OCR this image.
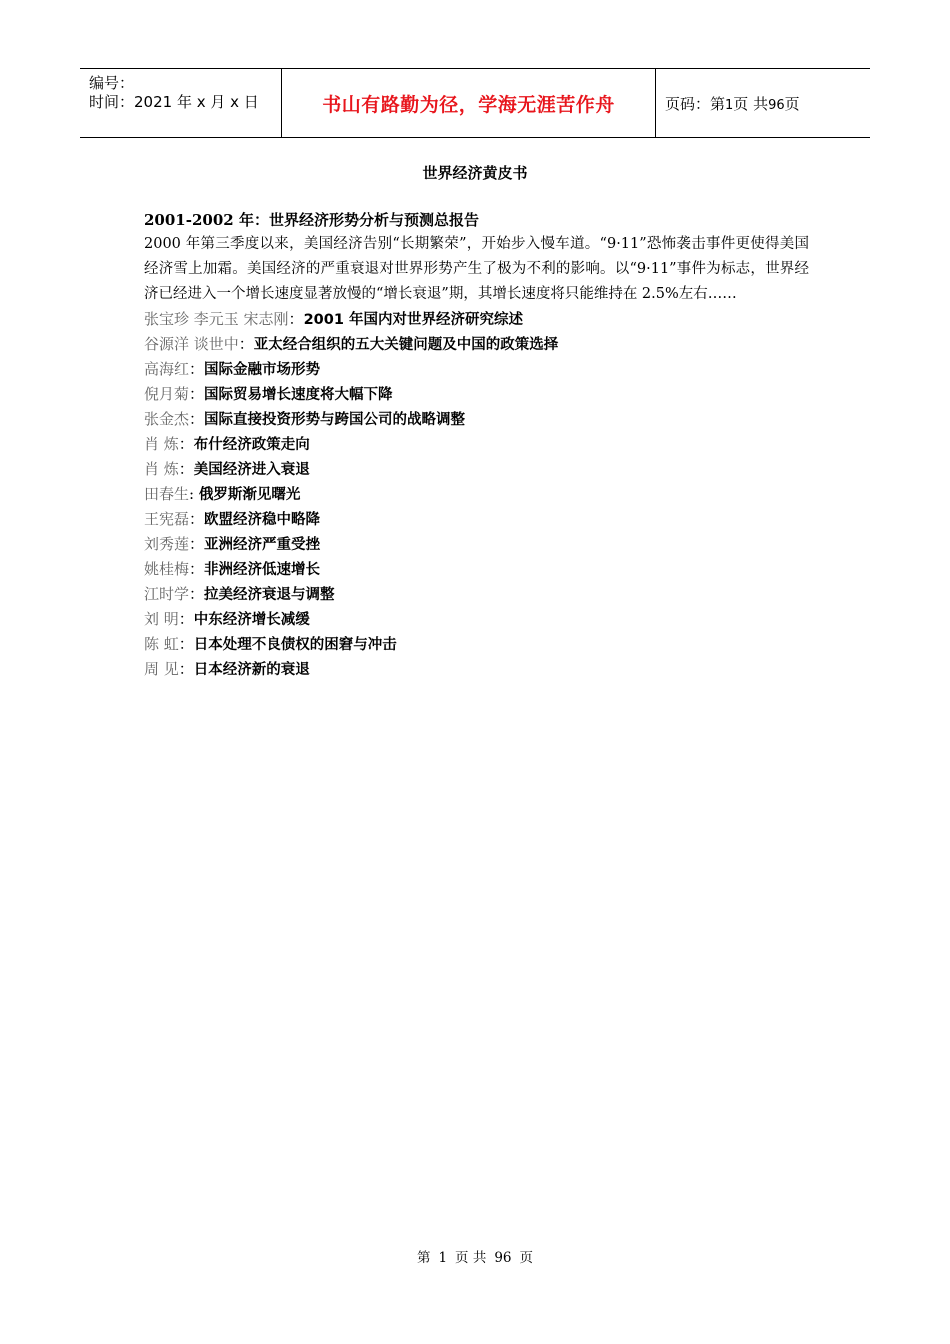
编号：
时间：2021 年 x 月 x 日	书山有路勤为径，学海无涯苦作舟	页码：第1页 共96页
世界经济黄皮书
2001-2002 年：世界经济形势分析与预测总报告

2000 年第三季度以来，美国经济告别“长期繁荣”，开始步入慢车道。“9·11”恐怖袭击事件更使得美国经济雪上加霜。美国经济的严重衰退对世界形势产生了极为不利的影响。以“9·11”事件为标志，世界经济已经进入一个增长速度显著放慢的“增长衰退”期，其增长速度将只能维持在 2.5%左右……

张宝珍 李元玉 宋志刚：2001 年国内对世界经济研究综述
谷源洋 谈世中：亚太经合组织的五大关键问题及中国的政策选择
高海红：国际金融市场形势
倪月菊：国际贸易增长速度将大幅下降
张金杰：国际直接投资形势与跨国公司的战略调整
肖 炼：布什经济政策走向
肖 炼：美国经济进入衰退
田春生: 俄罗斯渐见曙光
王宪磊：欧盟经济稳中略降
刘秀莲：亚洲经济严重受挫
姚桂梅：非洲经济低速增长
江时学：拉美经济衰退与调整
刘 明：中东经济增长减缓
陈 虹：日本处理不良债权的困窘与冲击
周 见：日本经济新的衰退
第 1 页 共 96 页
